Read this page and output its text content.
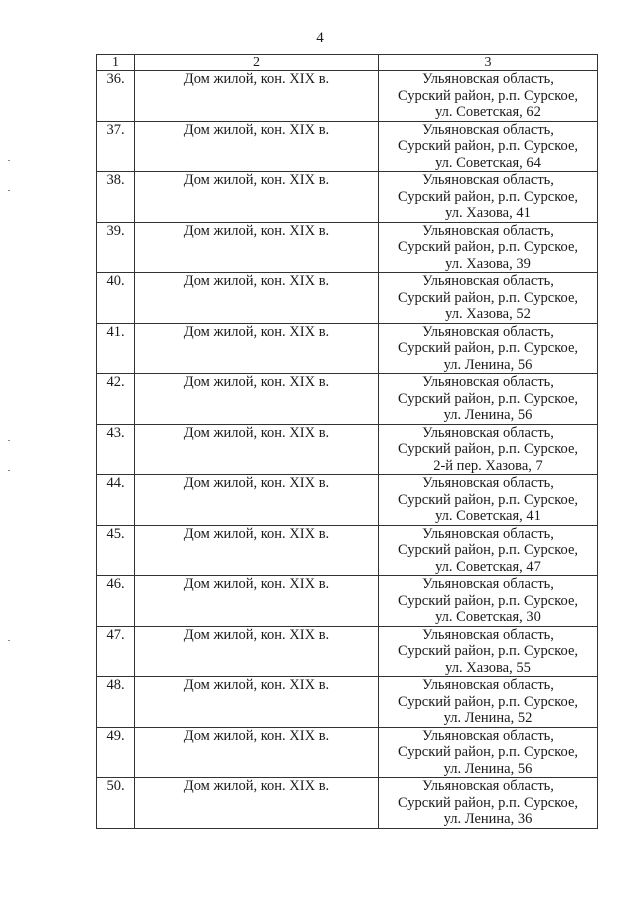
4
1	2	3
36.	Дом жилой, кон. XIX в.	Ульяновская область,
Сурский район, р.п. Сурское,
ул. Советская, 62

37.	Дом жилой, кон. XIX в.	Ульяновская область,
Сурский район, р.п. Сурское,
ул. Советская, 64

38.	Дом жилой, кон. XIX в.	Ульяновская область,
Сурский район, р.п. Сурское,
ул. Хазова, 41

39.	Дом жилой, кон. XIX в.	Ульяновская область,
Сурский район, р.п. Сурское,
ул. Хазова, 39

40.	Дом жилой, кон. XIX в.	Ульяновская область,
Сурский район, р.п. Сурское,
ул. Хазова, 52

41.	Дом жилой, кон. XIX в.	Ульяновская область,
Сурский район, р.п. Сурское,
ул. Ленина, 56

42.	Дом жилой, кон. XIX в.	Ульяновская область,
Сурский район, р.п. Сурское,
ул. Ленина, 56

43.	Дом жилой, кон. XIX в.	Ульяновская область,
Сурский район, р.п. Сурское,
2-й пер. Хазова, 7

44.	Дом жилой, кон. XIX в.	Ульяновская область,
Сурский район, р.п. Сурское,
ул. Советская, 41

45.	Дом жилой, кон. XIX в.	Ульяновская область,
Сурский район, р.п. Сурское,
ул. Советская, 47

46.	Дом жилой, кон. XIX в.	Ульяновская область,
Сурский район, р.п. Сурское,
ул. Советская, 30

47.	Дом жилой, кон. XIX в.	Ульяновская область,
Сурский район, р.п. Сурское,
ул. Хазова, 55

48.	Дом жилой, кон. XIX в.	Ульяновская область,
Сурский район, р.п. Сурское,
ул. Ленина, 52

49.	Дом жилой, кон. XIX в.	Ульяновская область,
Сурский район, р.п. Сурское,
ул. Ленина, 56

50.	Дом жилой, кон. XIX в.	Ульяновская область,
Сурский район, р.п. Сурское,
ул. Ленина, 36
